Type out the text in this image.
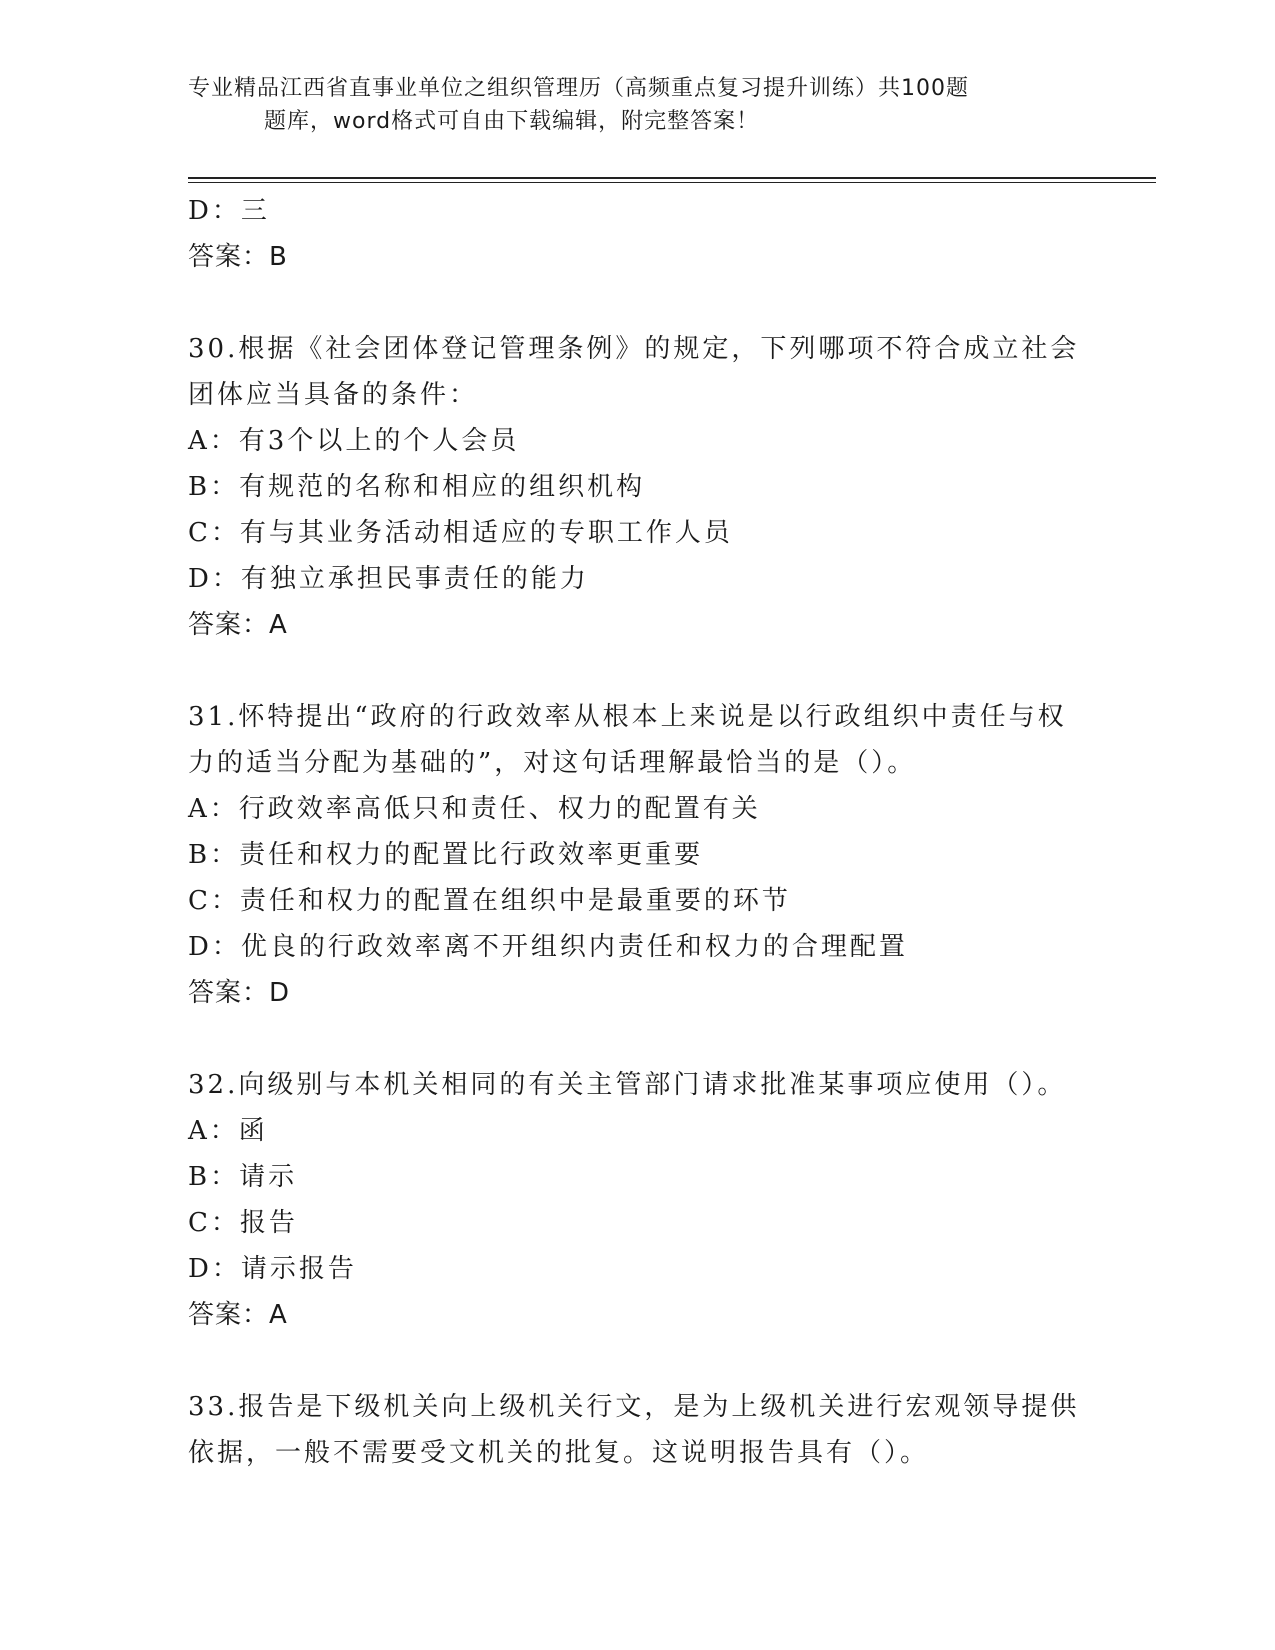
专业精品江西省直事业单位之组织管理历（高频重点复习提升训练）共100题
题库，word格式可自由下载编辑，附完整答案！
D：三
答案：B
30.根据《社会团体登记管理条例》的规定，下列哪项不符合成立社会
团体应当具备的条件：
A：有3个以上的个人会员
B：有规范的名称和相应的组织机构
C：有与其业务活动相适应的专职工作人员
D：有独立承担民事责任的能力
答案：A
31.怀特提出“政府的行政效率从根本上来说是以行政组织中责任与权
力的适当分配为基础的”，对这句话理解最恰当的是（）。
A：行政效率高低只和责任、权力的配置有关
B：责任和权力的配置比行政效率更重要
C：责任和权力的配置在组织中是最重要的环节
D：优良的行政效率离不开组织内责任和权力的合理配置
答案：D
32.向级别与本机关相同的有关主管部门请求批准某事项应使用（）。
A：函
B：请示
C：报告
D：请示报告
答案：A
33.报告是下级机关向上级机关行文，是为上级机关进行宏观领导提供
依据，一般不需要受文机关的批复。这说明报告具有（）。
